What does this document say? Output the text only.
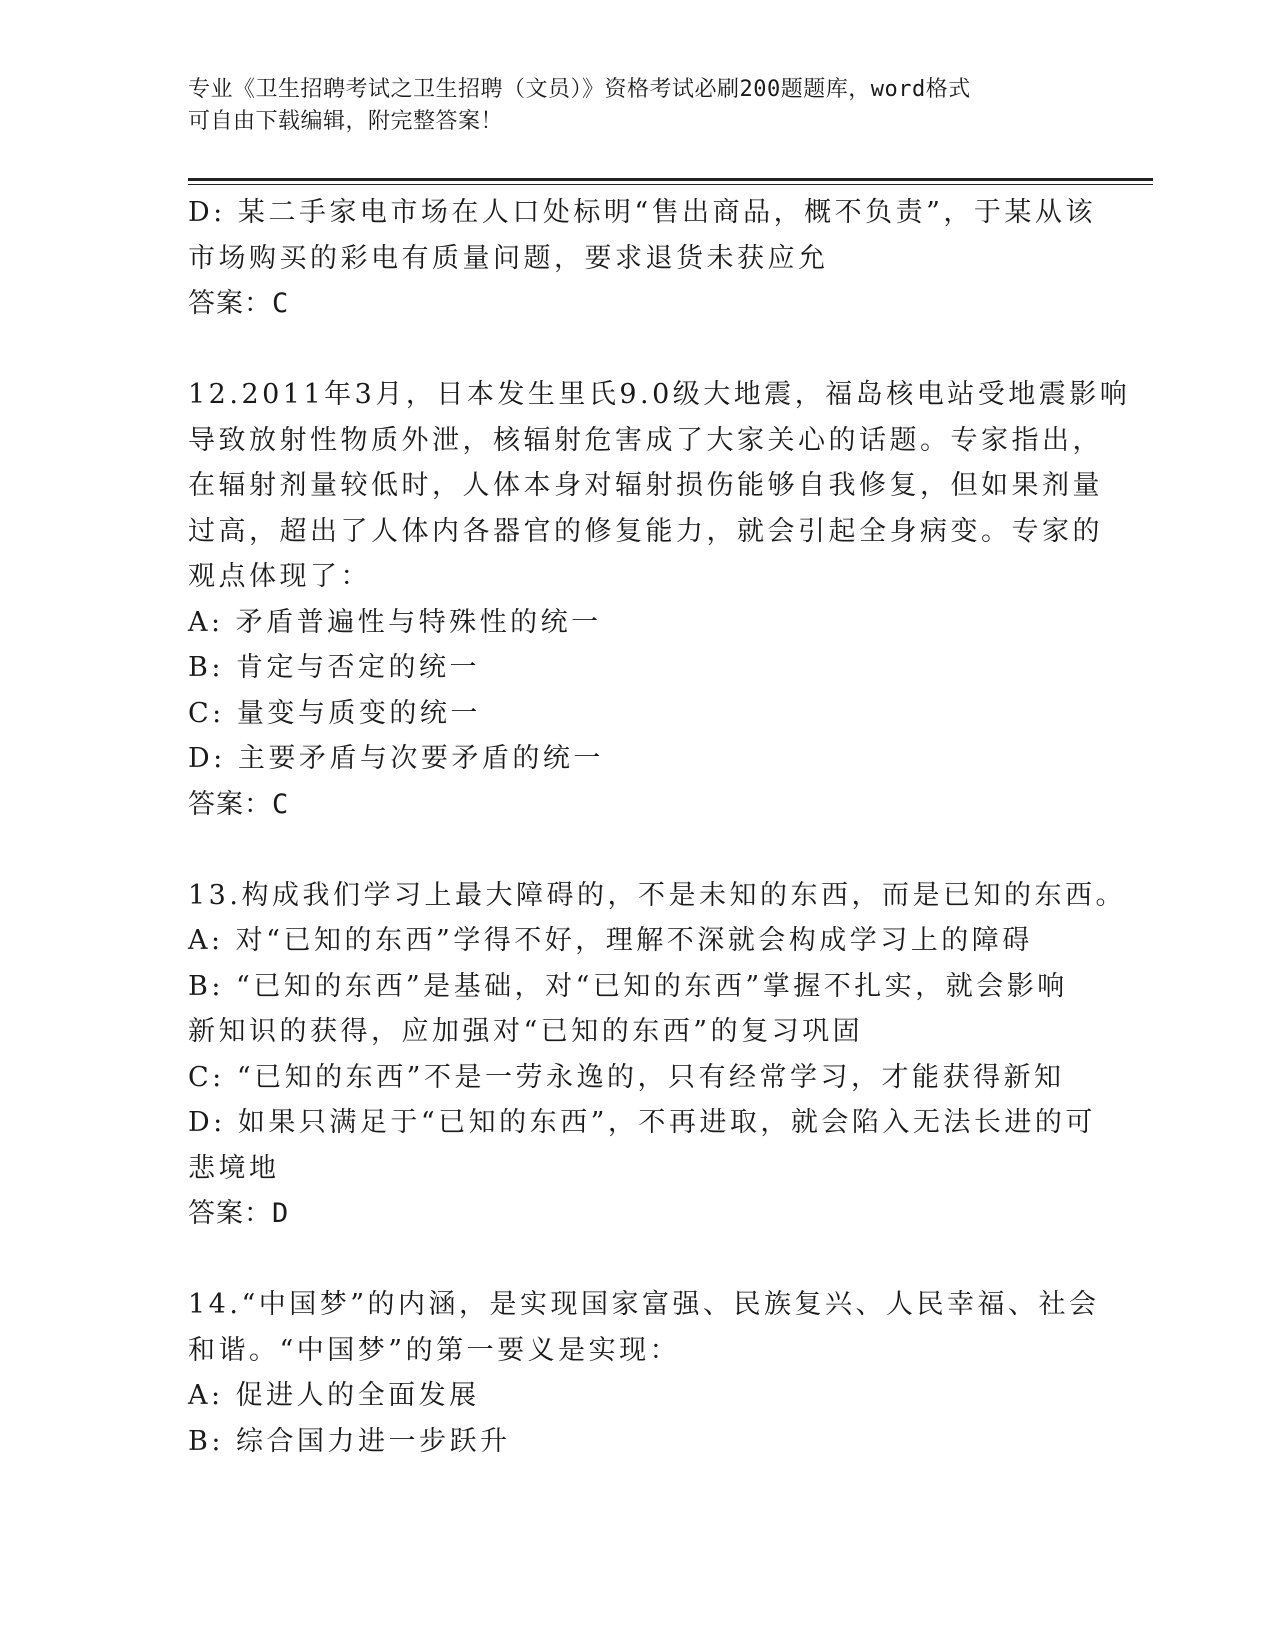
专业《卫生招聘考试之卫生招聘（文员）》资格考试必刷200题题库，word格式
可自由下载编辑，附完整答案！
D: 某二手家电市场在人口处标明“售出商品，概不负责”，于某从该
市场购买的彩电有质量问题，要求退货未获应允
答案：C
12.2011年3月，日本发生里氏9.0级大地震，福岛核电站受地震影响
导致放射性物质外泄，核辐射危害成了大家关心的话题。专家指出，
在辐射剂量较低时，人体本身对辐射损伤能够自我修复，但如果剂量
过高，超出了人体内各器官的修复能力，就会引起全身病变。专家的
观点体现了：
A: 矛盾普遍性与特殊性的统一
B: 肯定与否定的统一
C: 量变与质变的统一
D: 主要矛盾与次要矛盾的统一
答案：C
13.构成我们学习上最大障碍的，不是未知的东西，而是已知的东西。
A: 对“已知的东西”学得不好，理解不深就会构成学习上的障碍
B: “已知的东西”是基础，对“已知的东西”掌握不扎实，就会影响
新知识的获得，应加强对“已知的东西”的复习巩固
C: “已知的东西”不是一劳永逸的，只有经常学习，才能获得新知
D: 如果只满足于“已知的东西”，不再进取，就会陷入无法长进的可
悲境地
答案：D
14.“中国梦”的内涵，是实现国家富强、民族复兴、人民幸福、社会
和谐。“中国梦”的第一要义是实现：
A: 促进人的全面发展
B: 综合国力进一步跃升
